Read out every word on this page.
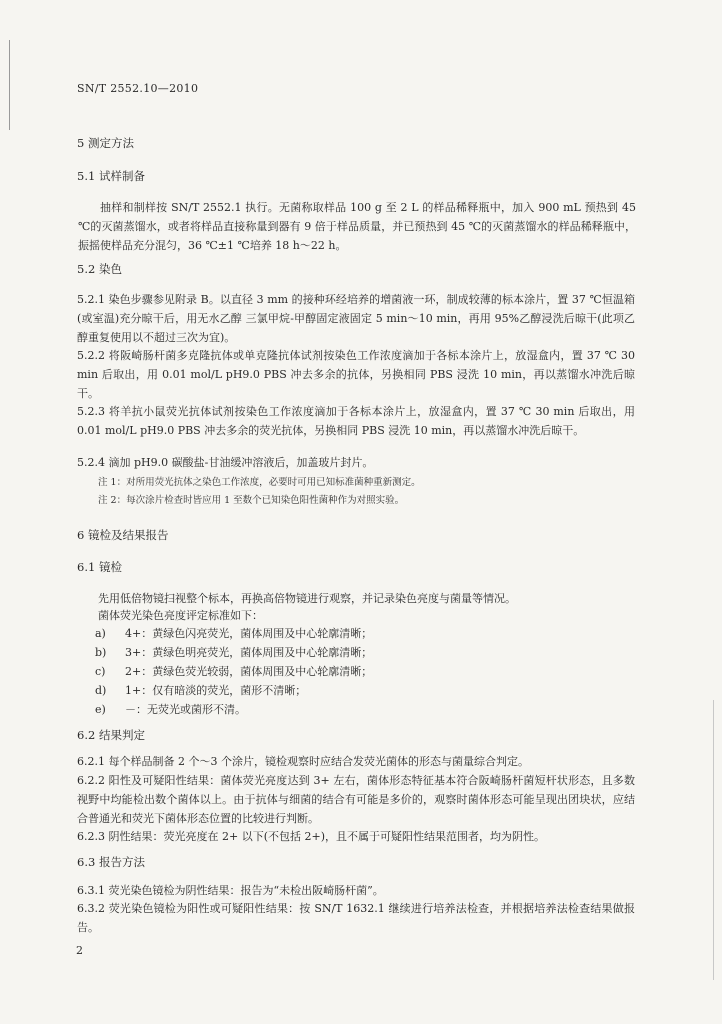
SN/T 2552.10—2010
5 测定方法
5.1 试样制备
抽样和制样按 SN/T 2552.1 执行。无菌称取样品 100 g 至 2 L 的样品稀释瓶中，加入 900 mL 预热到 45 ℃的灭菌蒸馏水，或者将样品直接称量到器有 9 倍于样品质量，并已预热到 45 ℃的灭菌蒸馏水的样品稀释瓶中，振摇使样品充分混匀，36 ℃±1 ℃培养 18 h～22 h。
5.2 染色
5.2.1 染色步骤参见附录 B。以直径 3 mm 的接种环经培养的增菌液一环，制成较薄的标本涂片，置 37 ℃恒温箱(或室温)充分晾干后，用无水乙醇 三氯甲烷-甲醇固定液固定 5 min～10 min，再用 95%乙醇浸洗后晾干(此项乙醇重复使用以不超过三次为宜)。
5.2.2 将阪崎肠杆菌多克隆抗体或单克隆抗体试剂按染色工作浓度滴加于各标本涂片上，放湿盒内，置 37 ℃ 30 min 后取出，用 0.01 mol/L pH9.0 PBS 冲去多余的抗体，另换相同 PBS 浸洗 10 min，再以蒸馏水冲洗后晾干。
5.2.3 将羊抗小鼠荧光抗体试剂按染色工作浓度滴加于各标本涂片上，放湿盒内，置 37 ℃ 30 min 后取出，用 0.01 mol/L pH9.0 PBS 冲去多余的荧光抗体，另换相同 PBS 浸洗 10 min，再以蒸馏水冲洗后晾干。
5.2.4 滴加 pH9.0 碳酸盐-甘油缓冲溶液后，加盖玻片封片。
注 1：对所用荧光抗体之染色工作浓度，必要时可用已知标准菌种重新测定。
注 2：每次涂片检查时皆应用 1 至数个已知染色阳性菌种作为对照实验。
6 镜检及结果报告
6.1 镜检
先用低倍物镜扫视整个标本，再换高倍物镜进行观察，并记录染色亮度与菌量等情况。
菌体荧光染色亮度评定标准如下：
a) 4+：黄绿色闪亮荧光，菌体周围及中心轮廓清晰；
b) 3+：黄绿色明亮荧光，菌体周围及中心轮廓清晰；
c) 2+：黄绿色荧光较弱，菌体周围及中心轮廓清晰；
d) 1+：仅有暗淡的荧光，菌形不清晰；
e) －：无荧光或菌形不清。
6.2 结果判定
6.2.1 每个样品制备 2 个～3 个涂片，镜检观察时应结合发荧光菌体的形态与菌量综合判定。
6.2.2 阳性及可疑阳性结果：菌体荧光亮度达到 3+ 左右，菌体形态特征基本符合阪崎肠杆菌短杆状形态，且多数视野中均能检出数个菌体以上。由于抗体与细菌的结合有可能是多价的，观察时菌体形态可能呈现出团块状，应结合普通光和荧光下菌体形态位置的比较进行判断。
6.2.3 阴性结果：荧光亮度在 2+ 以下(不包括 2+)，且不属于可疑阳性结果范围者，均为阴性。
6.3 报告方法
6.3.1 荧光染色镜检为阴性结果：报告为“未检出阪崎肠杆菌”。
6.3.2 荧光染色镜检为阳性或可疑阳性结果：按 SN/T 1632.1 继续进行培养法检查，并根据培养法检查结果做报告。
2
